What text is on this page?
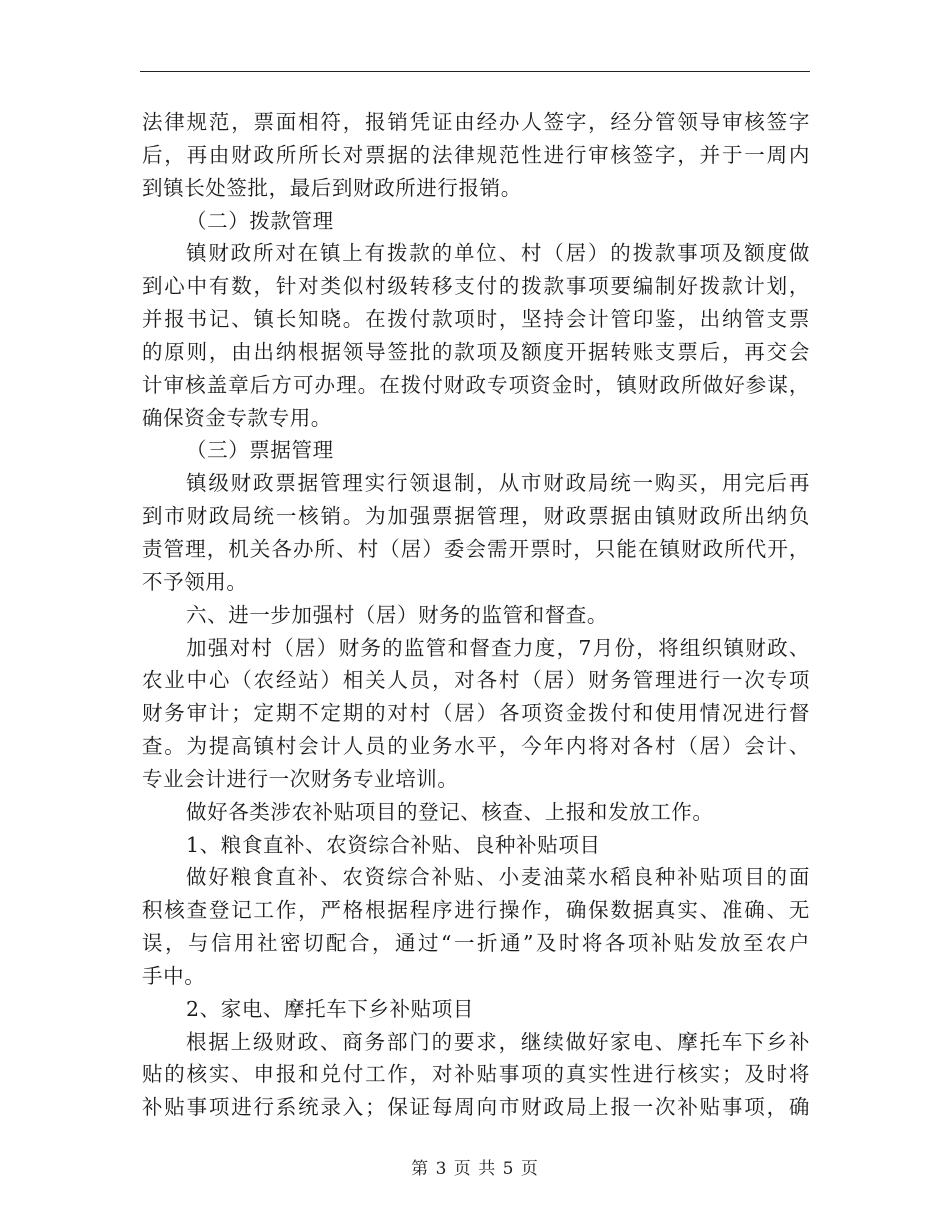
法律规范，票面相符，报销凭证由经办人签字，经分管领导审核签字
后，再由财政所所长对票据的法律规范性进行审核签字，并于一周内
到镇长处签批，最后到财政所进行报销。
（二）拨款管理
镇财政所对在镇上有拨款的单位、村（居）的拨款事项及额度做
到心中有数，针对类似村级转移支付的拨款事项要编制好拨款计划，
并报书记、镇长知晓。在拨付款项时，坚持会计管印鉴，出纳管支票
的原则，由出纳根据领导签批的款项及额度开据转账支票后，再交会
计审核盖章后方可办理。在拨付财政专项资金时，镇财政所做好参谋，
确保资金专款专用。
（三）票据管理
镇级财政票据管理实行领退制，从市财政局统一购买，用完后再
到市财政局统一核销。为加强票据管理，财政票据由镇财政所出纳负
责管理，机关各办所、村（居）委会需开票时，只能在镇财政所代开，
不予领用。
六、进一步加强村（居）财务的监管和督查。
加强对村（居）财务的监管和督查力度，7月份，将组织镇财政、
农业中心（农经站）相关人员，对各村（居）财务管理进行一次专项
财务审计；定期不定期的对村（居）各项资金拨付和使用情况进行督
查。为提高镇村会计人员的业务水平，今年内将对各村（居）会计、
专业会计进行一次财务专业培训。
做好各类涉农补贴项目的登记、核查、上报和发放工作。
1、粮食直补、农资综合补贴、良种补贴项目
做好粮食直补、农资综合补贴、小麦油菜水稻良种补贴项目的面
积核查登记工作，严格根据程序进行操作，确保数据真实、准确、无
误，与信用社密切配合，通过“一折通”及时将各项补贴发放至农户
手中。
2、家电、摩托车下乡补贴项目
根据上级财政、商务部门的要求，继续做好家电、摩托车下乡补
贴的核实、申报和兑付工作，对补贴事项的真实性进行核实；及时将
补贴事项进行系统录入；保证每周向市财政局上报一次补贴事项，确
第 3 页 共 5 页
